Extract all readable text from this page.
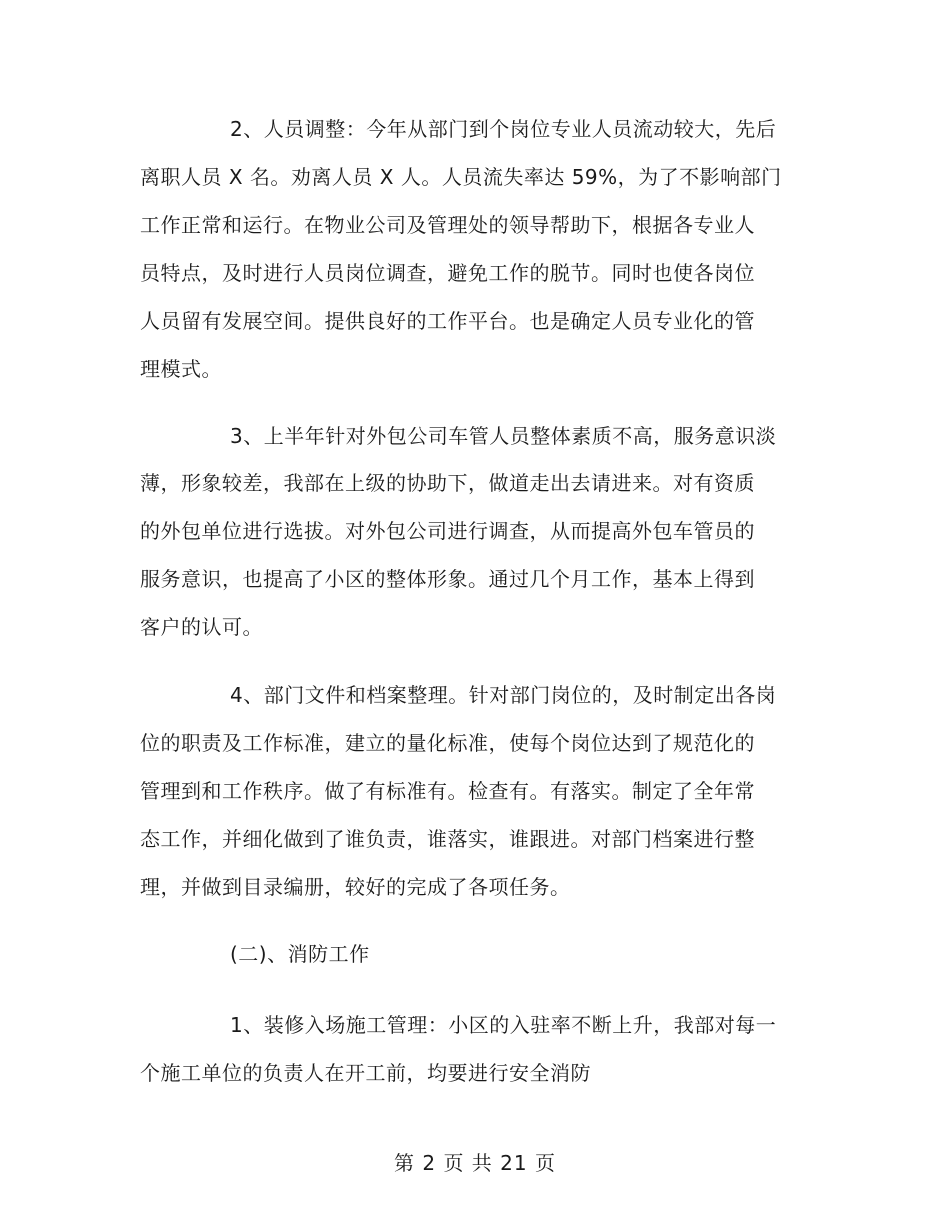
2、人员调整：今年从部门到个岗位专业人员流动较大，先后
离职人员 X 名。劝离人员 X 人。人员流失率达 59%，为了不影响部门
工作正常和运行。在物业公司及管理处的领导帮助下，根据各专业人
员特点，及时进行人员岗位调查，避免工作的脱节。同时也使各岗位
人员留有发展空间。提供良好的工作平台。也是确定人员专业化的管
理模式。
3、上半年针对外包公司车管人员整体素质不高，服务意识淡
薄，形象较差，我部在上级的协助下，做道走出去请进来。对有资质
的外包单位进行选拔。对外包公司进行调查，从而提高外包车管员的
服务意识，也提高了小区的整体形象。通过几个月工作，基本上得到
客户的认可。
4、部门文件和档案整理。针对部门岗位的，及时制定出各岗
位的职责及工作标准，建立的量化标准，使每个岗位达到了规范化的
管理到和工作秩序。做了有标准有。检查有。有落实。制定了全年常
态工作，并细化做到了谁负责，谁落实，谁跟进。对部门档案进行整
理，并做到目录编册，较好的完成了各项任务。
(二)、消防工作
1、装修入场施工管理：小区的入驻率不断上升，我部对每一
个施工单位的负责人在开工前，均要进行安全消防
第 2 页 共 21 页
